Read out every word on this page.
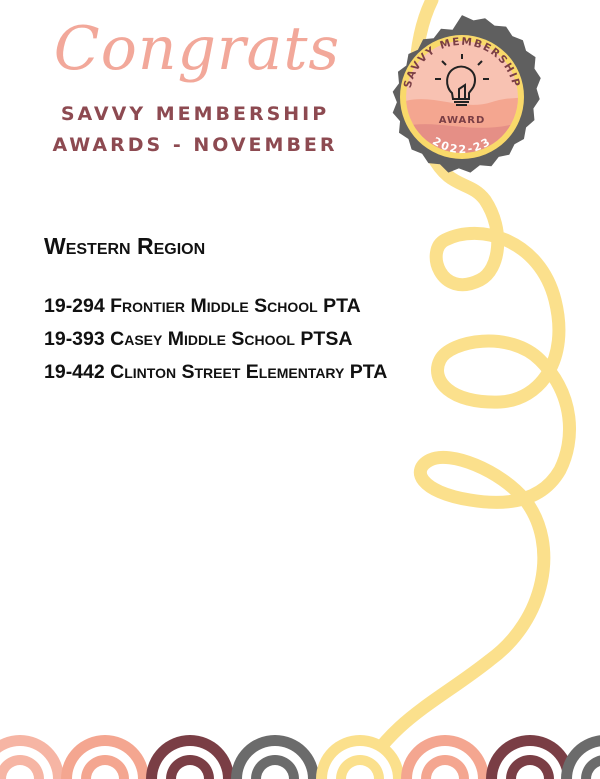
SAVVY MEMBERSHIP
AWARD
2022-23
Congrats
SAVVY MEMBERSHIP
AWARDS - NOVEMBER
Western Region
19-294 Frontier Middle School PTA
19-393 Casey Middle School PTSA
19-442 Clinton Street Elementary PTA
